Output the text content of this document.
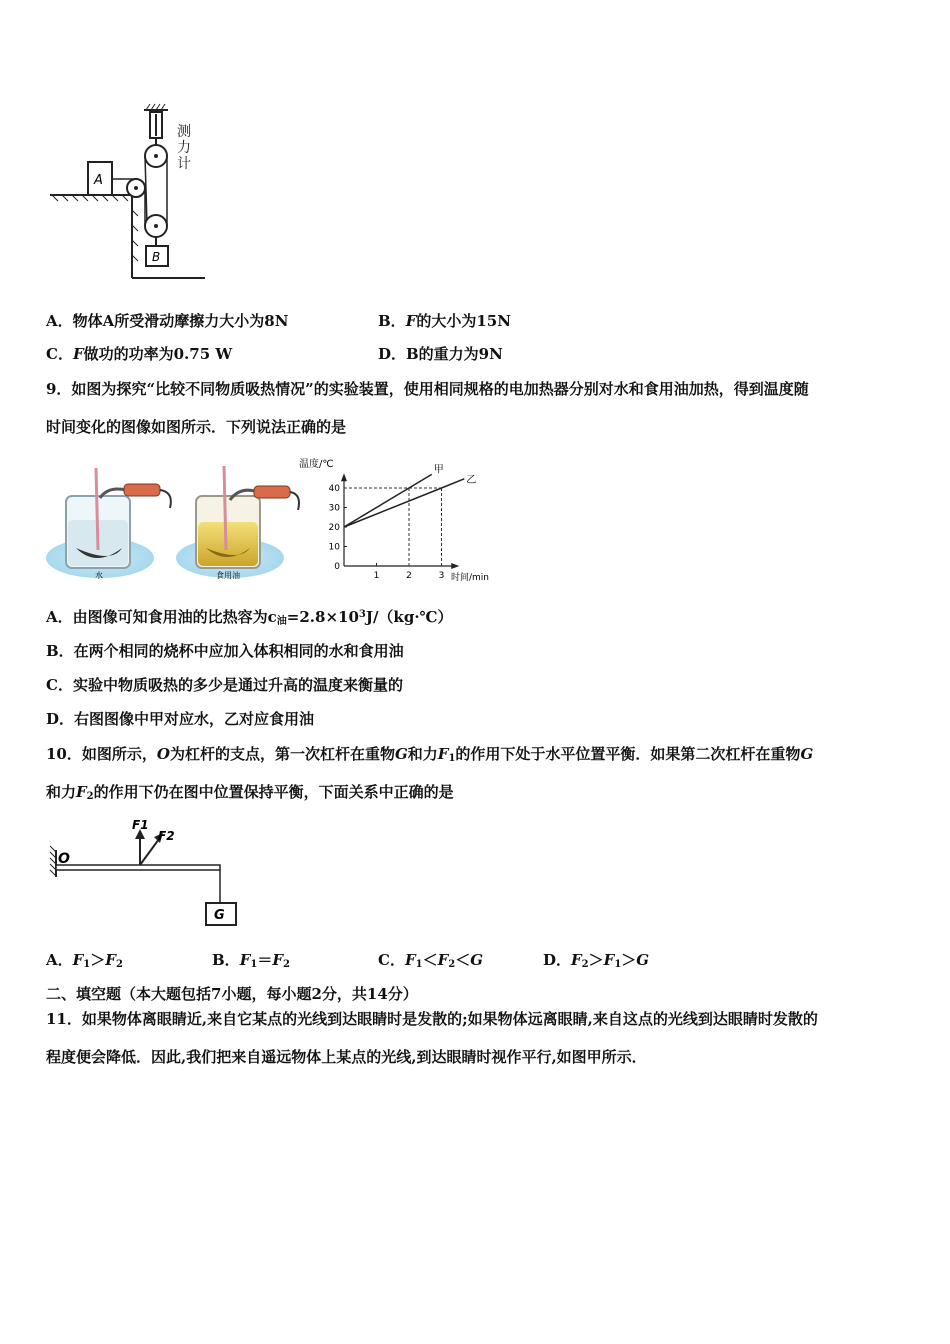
A
B
测力计
A．物体A所受滑动摩擦力大小为8N	B．F的大小为15N
C．F做功的功率为0.75 W	D．B的重力为9N
9．如图为探究“比较不同物质吸热情况”的实验装置，使用相同规格的电加热器分别对水和食用油加热，得到温度随
时间变化的图像如图所示．下列说法正确的是
水	食用油
温度/℃
时间/min
0
10
20
30
40
1	2	3
甲
乙
A．由图像可知食用油的比热容为$c_油=2.8\times 10^3J/(kg\cdot℃)$
B．在两个相同的烧杯中应加入体积相同的水和食用油
C．实验中物质吸热的多少是通过升高的温度来衡量的
D．右图图像中甲对应水，乙对应食用油
10．如图所示，O为杠杆的支点，第一次杠杆在重物G和力$F_1$的作用下处于水平位置平衡．如果第二次杠杆在重物G
和力$F_2$的作用下仍在图中位置保持平衡，下面关系中正确的是
O
F1
F2
G
A．$F_1>F_2$	B．$F_1=F_2$	C．$F_1<F_2<G$	D．$F_2>F_1>G$
二、填空题（本大题包括7小题，每小题2分，共14分）
11．如果物体离眼睛近,来自它某点的光线到达眼睛时是发散的;如果物体远离眼睛,来自这点的光线到达眼睛时发散的
程度便会降低．因此,我们把来自遥远物体上某点的光线,到达眼睛时视作平行,如图甲所示．
